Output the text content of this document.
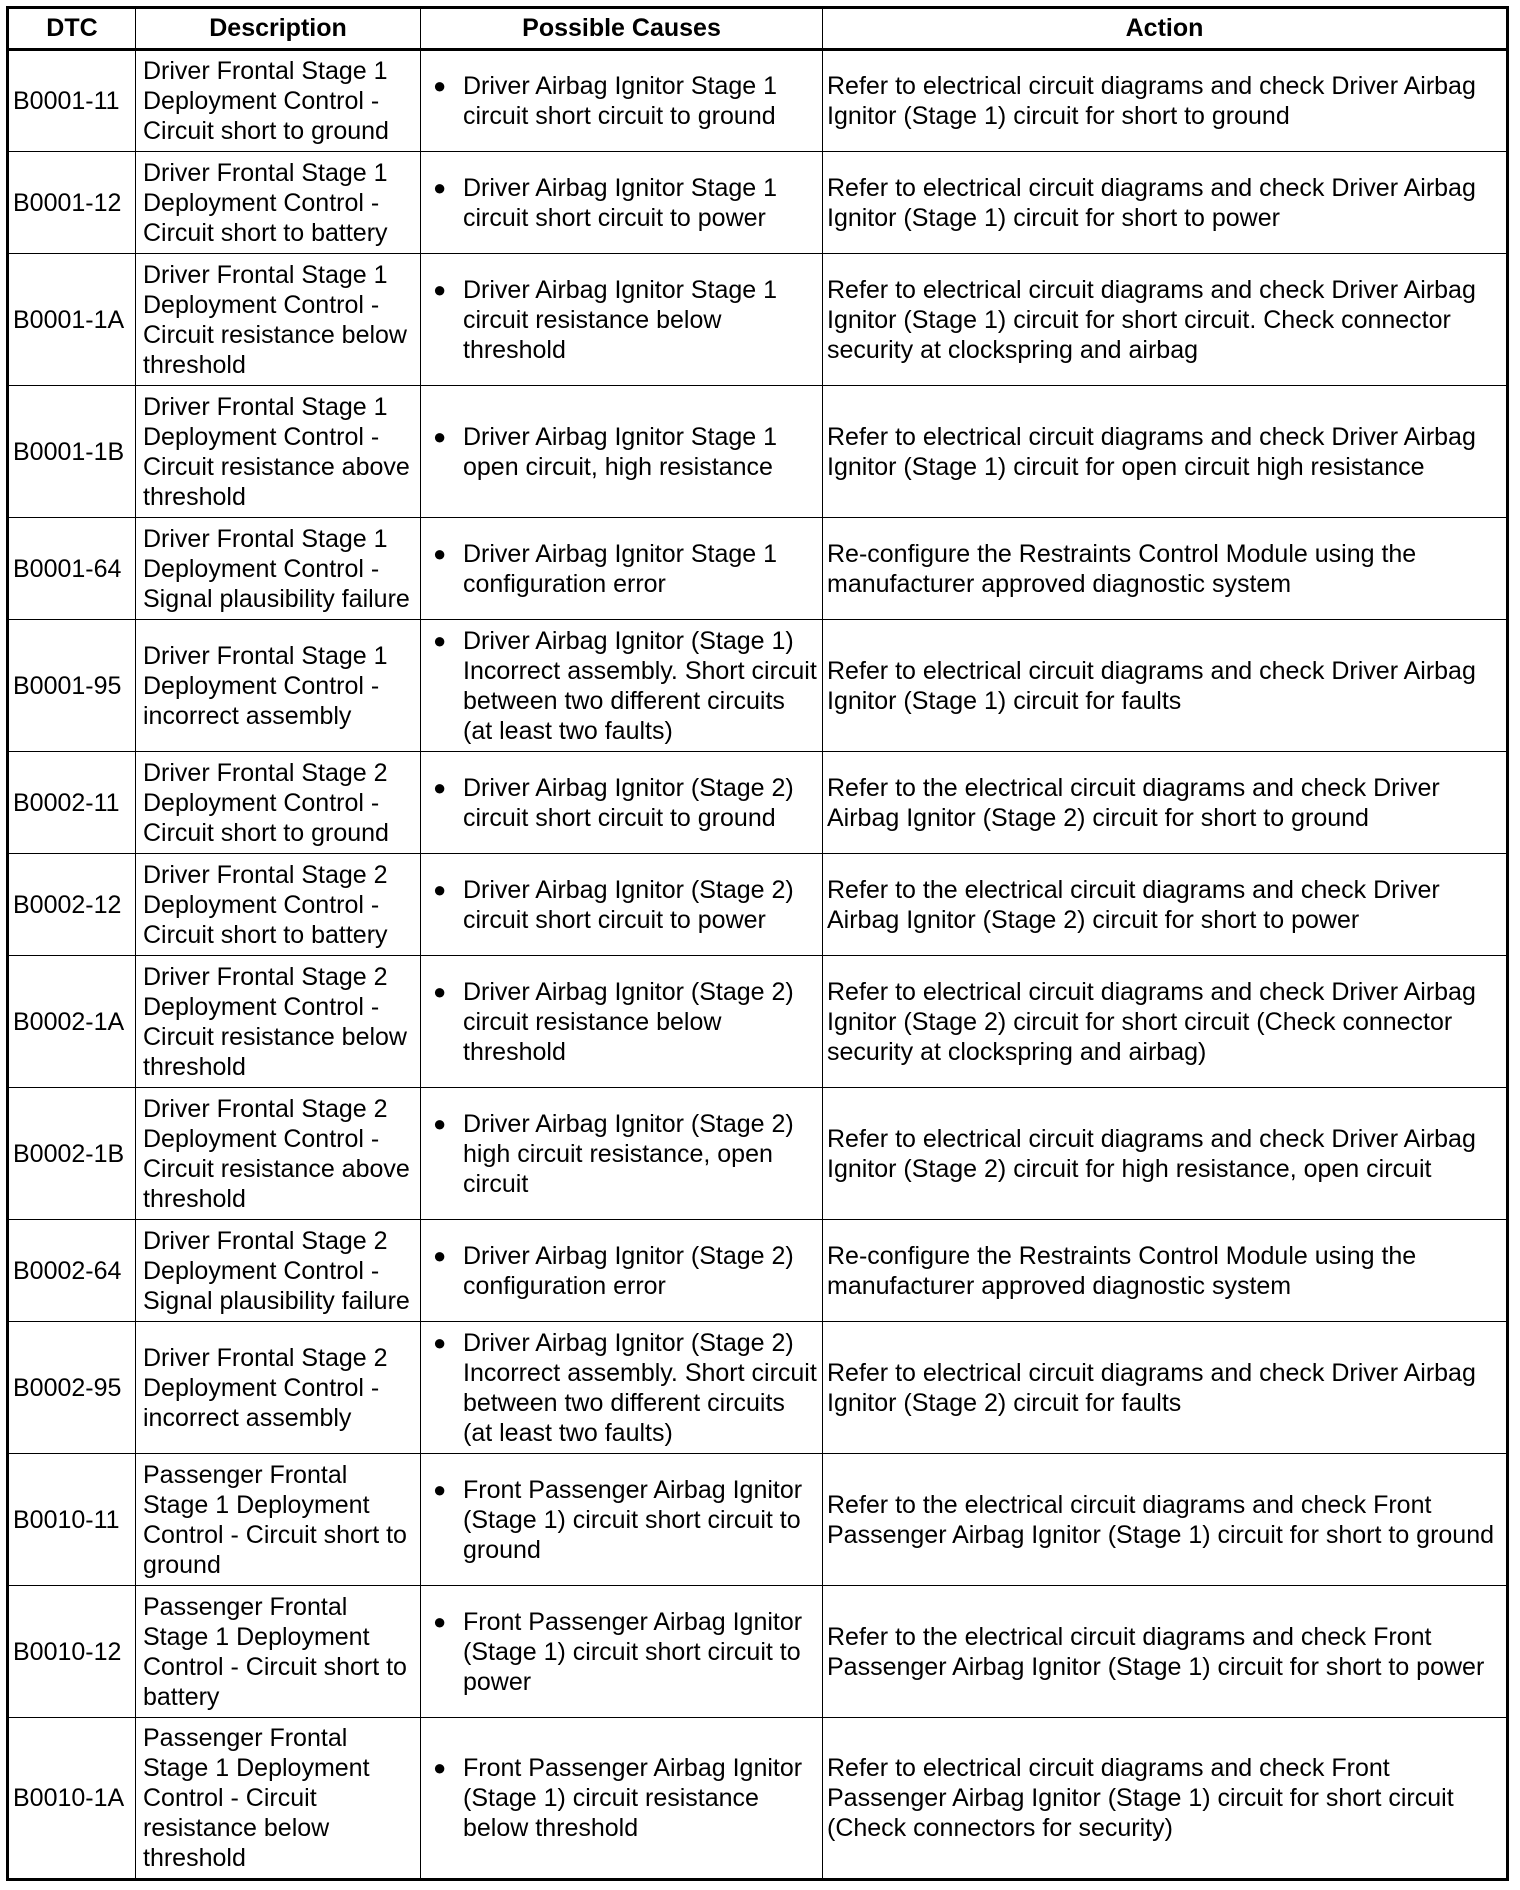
DTC	Description	Possible Causes	Action
B0001-11	Driver Frontal Stage 1 Deployment Control - Circuit short to ground	● Driver Airbag Ignitor Stage 1 circuit short circuit to ground	Refer to electrical circuit diagrams and check Driver Airbag Ignitor (Stage 1) circuit for short to ground
B0001-12	Driver Frontal Stage 1 Deployment Control - Circuit short to battery	● Driver Airbag Ignitor Stage 1 circuit short circuit to power	Refer to electrical circuit diagrams and check Driver Airbag Ignitor (Stage 1) circuit for short to power
B0001-1A	Driver Frontal Stage 1 Deployment Control - Circuit resistance below threshold	● Driver Airbag Ignitor Stage 1 circuit resistance below threshold	Refer to electrical circuit diagrams and check Driver Airbag Ignitor (Stage 1) circuit for short circuit. Check connector security at clockspring and airbag
B0001-1B	Driver Frontal Stage 1 Deployment Control - Circuit resistance above threshold	● Driver Airbag Ignitor Stage 1 open circuit, high resistance	Refer to electrical circuit diagrams and check Driver Airbag Ignitor (Stage 1) circuit for open circuit high resistance
B0001-64	Driver Frontal Stage 1 Deployment Control - Signal plausibility failure	● Driver Airbag Ignitor Stage 1 configuration error	Re-configure the Restraints Control Module using the manufacturer approved diagnostic system
B0001-95	Driver Frontal Stage 1 Deployment Control - incorrect assembly	● Driver Airbag Ignitor (Stage 1) Incorrect assembly. Short circuit between two different circuits (at least two faults)	Refer to electrical circuit diagrams and check Driver Airbag Ignitor (Stage 1) circuit for faults
B0002-11	Driver Frontal Stage 2 Deployment Control - Circuit short to ground	● Driver Airbag Ignitor (Stage 2) circuit short circuit to ground	Refer to the electrical circuit diagrams and check Driver Airbag Ignitor (Stage 2) circuit for short to ground
B0002-12	Driver Frontal Stage 2 Deployment Control - Circuit short to battery	● Driver Airbag Ignitor (Stage 2) circuit short circuit to power	Refer to the electrical circuit diagrams and check Driver Airbag Ignitor (Stage 2) circuit for short to power
B0002-1A	Driver Frontal Stage 2 Deployment Control - Circuit resistance below threshold	● Driver Airbag Ignitor (Stage 2) circuit resistance below threshold	Refer to electrical circuit diagrams and check Driver Airbag Ignitor (Stage 2) circuit for short circuit (Check connector security at clockspring and airbag)
B0002-1B	Driver Frontal Stage 2 Deployment Control - Circuit resistance above threshold	● Driver Airbag Ignitor (Stage 2) high circuit resistance, open circuit	Refer to electrical circuit diagrams and check Driver Airbag Ignitor (Stage 2) circuit for high resistance, open circuit
B0002-64	Driver Frontal Stage 2 Deployment Control - Signal plausibility failure	● Driver Airbag Ignitor (Stage 2) configuration error	Re-configure the Restraints Control Module using the manufacturer approved diagnostic system
B0002-95	Driver Frontal Stage 2 Deployment Control - incorrect assembly	● Driver Airbag Ignitor (Stage 2) Incorrect assembly. Short circuit between two different circuits (at least two faults)	Refer to electrical circuit diagrams and check Driver Airbag Ignitor (Stage 2) circuit for faults
B0010-11	Passenger Frontal Stage 1 Deployment Control - Circuit short to ground	● Front Passenger Airbag Ignitor (Stage 1) circuit short circuit to ground	Refer to the electrical circuit diagrams and check Front Passenger Airbag Ignitor (Stage 1) circuit for short to ground
B0010-12	Passenger Frontal Stage 1 Deployment Control - Circuit short to battery	● Front Passenger Airbag Ignitor (Stage 1) circuit short circuit to power	Refer to the electrical circuit diagrams and check Front Passenger Airbag Ignitor (Stage 1) circuit for short to power
B0010-1A	Passenger Frontal Stage 1 Deployment Control - Circuit resistance below threshold	● Front Passenger Airbag Ignitor (Stage 1) circuit resistance below threshold	Refer to electrical circuit diagrams and check Front Passenger Airbag Ignitor (Stage 1) circuit for short circuit (Check connectors for security)
